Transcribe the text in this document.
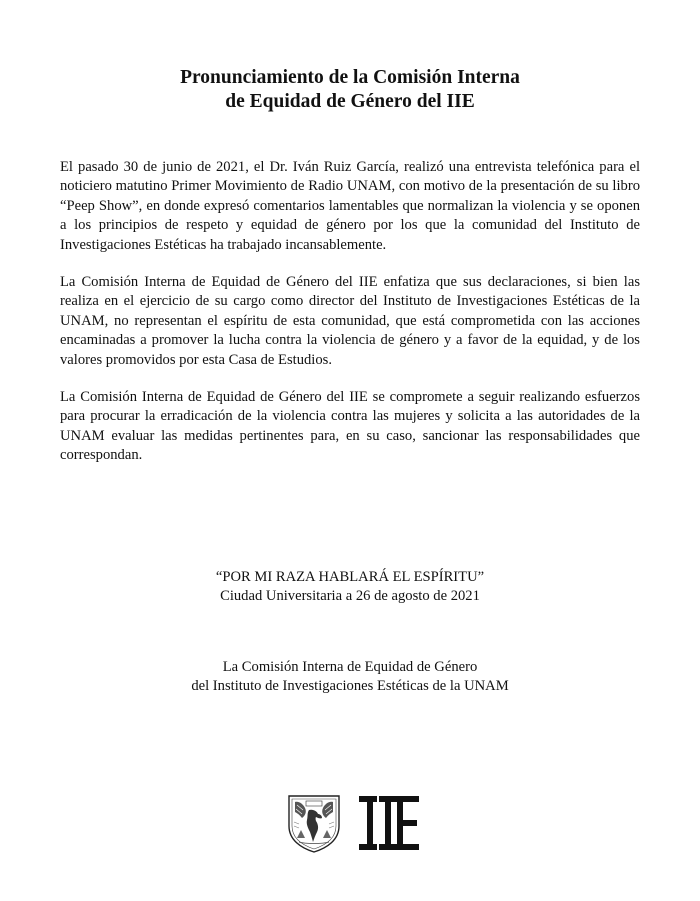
Pronunciamiento de la Comisión Interna
de Equidad de Género del IIE

El pasado 30 de junio de 2021, el Dr. Iván Ruiz García, realizó una entrevista telefónica para el noticiero matutino Primer Movimiento de Radio UNAM, con motivo de la presentación de su libro “Peep Show”, en donde expresó comentarios lamentables que normalizan la violencia y se oponen a los principios de respeto y equidad de género por los que la comunidad del Instituto de Investigaciones Estéticas ha trabajado incansablemente.

La Comisión Interna de Equidad de Género del IIE enfatiza que sus declaraciones, si bien las realiza en el ejercicio de su cargo como director del Instituto de Investigaciones Estéticas de la UNAM, no representan el espíritu de esta comunidad, que está comprometida con las acciones encaminadas a promover la lucha contra la violencia de género y a favor de la equidad, y de los valores promovidos por esta Casa de Estudios.

La Comisión Interna de Equidad de Género del IIE se compromete a seguir realizando esfuerzos para procurar la erradicación de la violencia contra las mujeres y solicita a las autoridades de la UNAM evaluar las medidas pertinentes para, en su caso, sancionar las responsabilidades que correspondan.

“POR MI RAZA HABLARÁ EL ESPÍRITU”
Ciudad Universitaria a 26 de agosto de 2021
La Comisión Interna de Equidad de Género
del Instituto de Investigaciones Estéticas de la UNAM
